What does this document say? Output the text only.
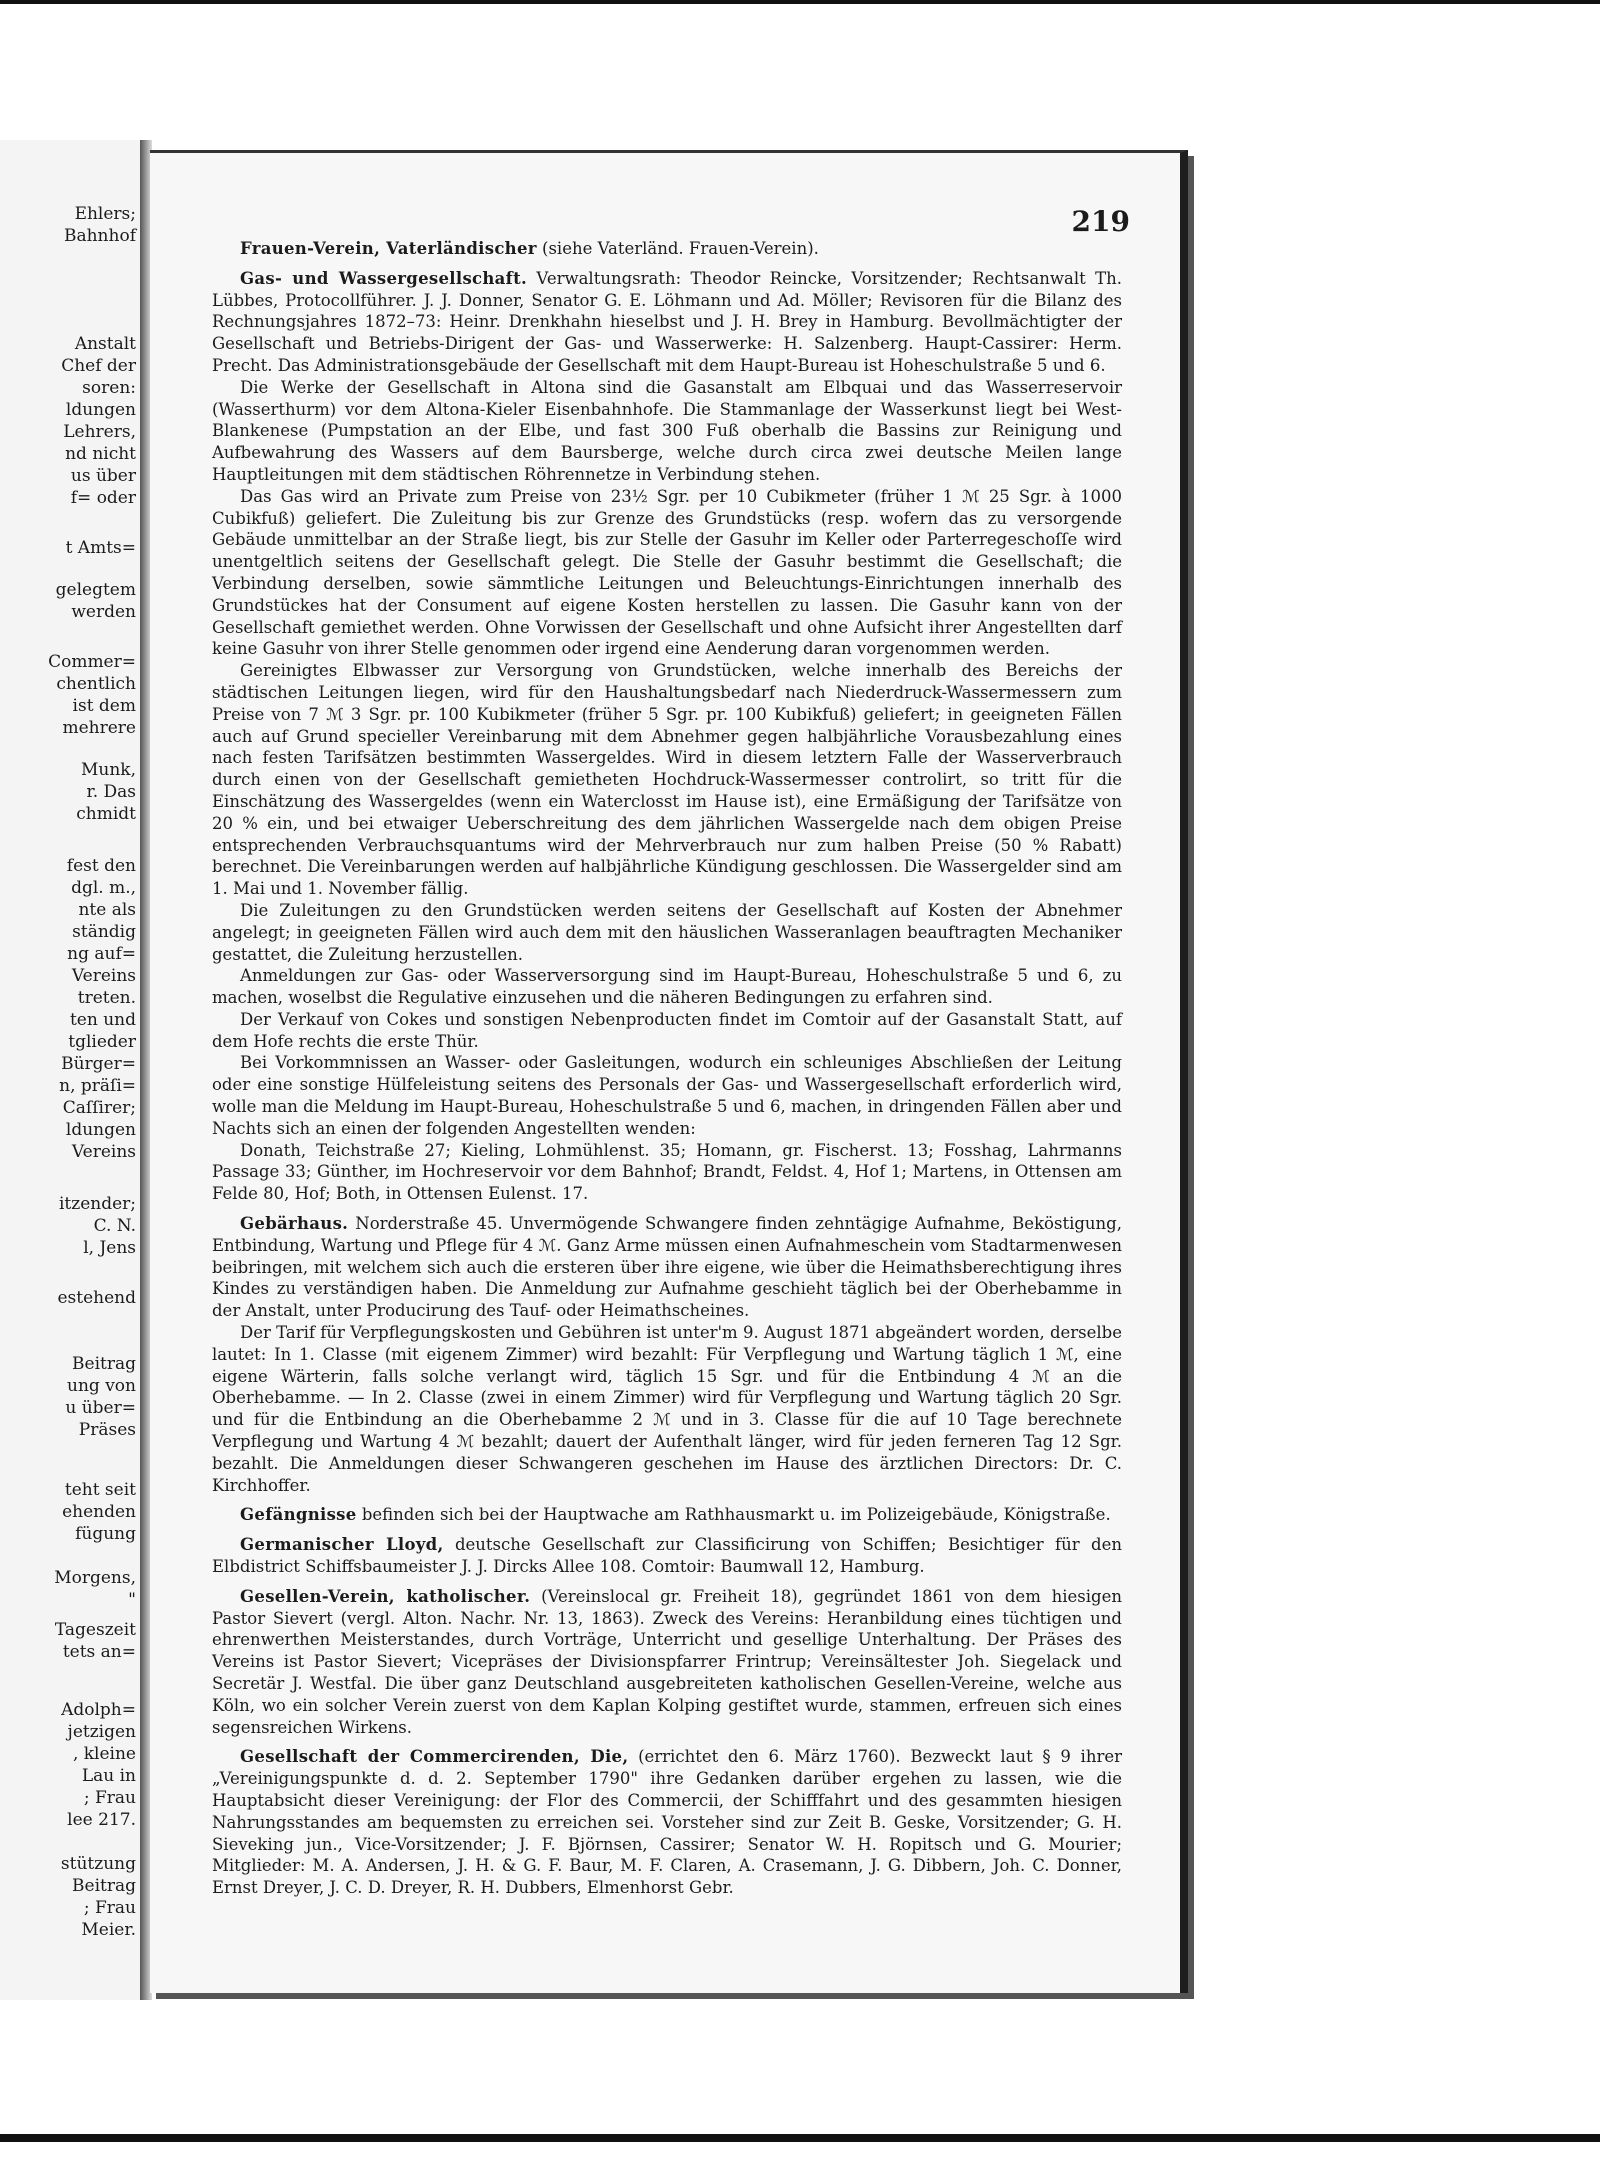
Ehlers;
Bahnhof
Anstalt
Chef der
soren:
ldungen
Lehrers,
nd nicht
us über
f= oder
t Amts=
gelegtem
werden
Commer=
chentlich
ist dem
mehrere
Munk,
r. Das
chmidt
fest den
dgl. m.,
nte als
ständig
ng auf=
Vereins
treten.
ten und
tglieder
Bürger=
n, präſi=
Caſſirer;
ldungen
Vereins
itzender;
C. N.
l, Jens
estehend
Beitrag
ung von
u über=
Präses
teht seit
ehenden
fügung
Morgens,
"
Tageszeit
tets an=
Adolph=
jetzigen
, kleine
Lau in
; Frau
lee 217.
stützung
Beitrag
; Frau
Meier.
219

Frauen-Verein, Vaterländischer (siehe Vaterländ. Frauen-Verein).

Gas- und Wassergesellschaft. Verwaltungsrath: Theodor Reincke, Vorsitzender; Rechtsanwalt Th. Lübbes, Protocollführer. J. J. Donner, Senator G. E. Löhmann und Ad. Möller; Revisoren für die Bilanz des Rechnungsjahres 1872–73: Heinr. Drenkhahn hieselbst und J. H. Brey in Hamburg. Bevollmächtigter der Gesellschaft und Betriebs-Dirigent der Gas- und Wasserwerke: H. Salzenberg. Haupt-Cassirer: Herm. Precht. Das Administrationsgebäude der Gesellschaft mit dem Haupt-Bureau ist Hoheschulstraße 5 und 6.

Die Werke der Gesellschaft in Altona sind die Gasanstalt am Elbquai und das Wasserreservoir (Wasserthurm) vor dem Altona-Kieler Eisenbahnhofe. Die Stammanlage der Wasserkunst liegt bei West-Blankenese (Pumpstation an der Elbe, und fast 300 Fuß oberhalb die Bassins zur Reinigung und Aufbewahrung des Wassers auf dem Baursberge, welche durch circa zwei deutsche Meilen lange Hauptleitungen mit dem städtischen Röhrennetze in Verbindung stehen.

Das Gas wird an Private zum Preise von 23½ Sgr. per 10 Cubikmeter (früher 1 ℳ 25 Sgr. à 1000 Cubikfuß) geliefert. Die Zuleitung bis zur Grenze des Grundstücks (resp. wofern das zu versorgende Gebäude unmittelbar an der Straße liegt, bis zur Stelle der Gasuhr im Keller oder Parterregeschoſſe wird unentgeltlich seitens der Gesellschaft gelegt. Die Stelle der Gasuhr bestimmt die Gesellschaft; die Verbindung derselben, sowie sämmtliche Leitungen und Beleuchtungs-Einrichtungen innerhalb des Grundstückes hat der Consument auf eigene Kosten herstellen zu lassen. Die Gasuhr kann von der Gesellschaft gemiethet werden. Ohne Vorwissen der Gesellschaft und ohne Aufsicht ihrer Angestellten darf keine Gasuhr von ihrer Stelle genommen oder irgend eine Aenderung daran vorgenommen werden.

Gereinigtes Elbwasser zur Versorgung von Grundstücken, welche innerhalb des Bereichs der städtischen Leitungen liegen, wird für den Haushaltungsbedarf nach Niederdruck-Wassermessern zum Preise von 7 ℳ 3 Sgr. pr. 100 Kubikmeter (früher 5 Sgr. pr. 100 Kubikfuß) geliefert; in geeigneten Fällen auch auf Grund specieller Vereinbarung mit dem Abnehmer gegen halbjährliche Vorausbezahlung eines nach festen Tarifsätzen bestimmten Wassergeldes. Wird in diesem letztern Falle der Wasserverbrauch durch einen von der Gesellschaft gemietheten Hochdruck-Wassermesser controlirt, so tritt für die Einschätzung des Wassergeldes (wenn ein Waterclosst im Hause ist), eine Ermäßigung der Tarifsätze von 20 % ein, und bei etwaiger Ueberschreitung des dem jährlichen Wassergelde nach dem obigen Preise entsprechenden Verbrauchsquantums wird der Mehrverbrauch nur zum halben Preise (50 % Rabatt) berechnet. Die Vereinbarungen werden auf halbjährliche Kündigung geschlossen. Die Wassergelder sind am 1. Mai und 1. November fällig.

Die Zuleitungen zu den Grundstücken werden seitens der Gesellschaft auf Kosten der Abnehmer angelegt; in geeigneten Fällen wird auch dem mit den häuslichen Wasseranlagen beauftragten Mechaniker gestattet, die Zuleitung herzustellen.

Anmeldungen zur Gas- oder Wasserversorgung sind im Haupt-Bureau, Hoheschulstraße 5 und 6, zu machen, woselbst die Regulative einzusehen und die näheren Bedingungen zu erfahren sind.

Der Verkauf von Cokes und sonstigen Nebenproducten findet im Comtoir auf der Gasanstalt Statt, auf dem Hofe rechts die erste Thür.

Bei Vorkommnissen an Wasser- oder Gasleitungen, wodurch ein schleuniges Abschließen der Leitung oder eine sonstige Hülfeleistung seitens des Personals der Gas- und Wassergesellschaft erforderlich wird, wolle man die Meldung im Haupt-Bureau, Hoheschulstraße 5 und 6, machen, in dringenden Fällen aber und Nachts sich an einen der folgenden Angestellten wenden:

Donath, Teichstraße 27; Kieling, Lohmühlenst. 35; Homann, gr. Fischerst. 13; Fosshag, Lahrmanns Passage 33; Günther, im Hochreservoir vor dem Bahnhof; Brandt, Feldst. 4, Hof 1; Martens, in Ottensen am Felde 80, Hof; Both, in Ottensen Eulenst. 17.

Gebärhaus. Norderstraße 45. Unvermögende Schwangere finden zehntägige Aufnahme, Beköstigung, Entbindung, Wartung und Pflege für 4 ℳ. Ganz Arme müssen einen Aufnahmeschein vom Stadtarmenwesen beibringen, mit welchem sich auch die ersteren über ihre eigene, wie über die Heimathsberechtigung ihres Kindes zu verständigen haben. Die Anmeldung zur Aufnahme geschieht täglich bei der Oberhebamme in der Anstalt, unter Producirung des Tauf- oder Heimathscheines.

Der Tarif für Verpflegungskosten und Gebühren ist unter'm 9. August 1871 abgeändert worden, derselbe lautet: In 1. Classe (mit eigenem Zimmer) wird bezahlt: Für Verpflegung und Wartung täglich 1 ℳ, eine eigene Wärterin, falls solche verlangt wird, täglich 15 Sgr. und für die Entbindung 4 ℳ an die Oberhebamme. — In 2. Classe (zwei in einem Zimmer) wird für Verpflegung und Wartung täglich 20 Sgr. und für die Entbindung an die Oberhebamme 2 ℳ und in 3. Classe für die auf 10 Tage berechnete Verpflegung und Wartung 4 ℳ bezahlt; dauert der Aufenthalt länger, wird für jeden ferneren Tag 12 Sgr. bezahlt. Die Anmeldungen dieser Schwangeren geschehen im Hause des ärztlichen Directors: Dr. C. Kirchhoffer.

Gefängnisse befinden sich bei der Hauptwache am Rathhausmarkt u. im Polizeigebäude, Königstraße.

Germanischer Lloyd, deutsche Gesellschaft zur Classificirung von Schiffen; Besichtiger für den Elbdistrict Schiffsbaumeister J. J. Dircks Allee 108. Comtoir: Baumwall 12, Hamburg.

Gesellen-Verein, katholischer. (Vereinslocal gr. Freiheit 18), gegründet 1861 von dem hiesigen Pastor Sievert (vergl. Alton. Nachr. Nr. 13, 1863). Zweck des Vereins: Heranbildung eines tüchtigen und ehrenwerthen Meisterstandes, durch Vorträge, Unterricht und gesellige Unterhaltung. Der Präses des Vereins ist Pastor Sievert; Vicepräses der Divisionspfarrer Frintrup; Vereinsältester Joh. Siegelack und Secretär J. Westfal. Die über ganz Deutschland ausgebreiteten katholischen Gesellen-Vereine, welche aus Köln, wo ein solcher Verein zuerst von dem Kaplan Kolping gestiftet wurde, stammen, erfreuen sich eines segensreichen Wirkens.

Gesellschaft der Commercirenden, Die, (errichtet den 6. März 1760). Bezweckt laut § 9 ihrer „Vereinigungspunkte d. d. 2. September 1790" ihre Gedanken darüber ergehen zu lassen, wie die Hauptabsicht dieser Vereinigung: der Flor des Commercii, der Schifffahrt und des gesammten hiesigen Nahrungsstandes am bequemsten zu erreichen sei. Vorsteher sind zur Zeit B. Geske, Vorsitzender; G. H. Sieveking jun., Vice-Vorsitzender; J. F. Björnsen, Cassirer; Senator W. H. Ropitsch und G. Mourier; Mitglieder: M. A. Andersen, J. H. & G. F. Baur, M. F. Claren, A. Crasemann, J. G. Dibbern, Joh. C. Donner, Ernst Dreyer, J. C. D. Dreyer, R. H. Dubbers, Elmenhorst Gebr.
